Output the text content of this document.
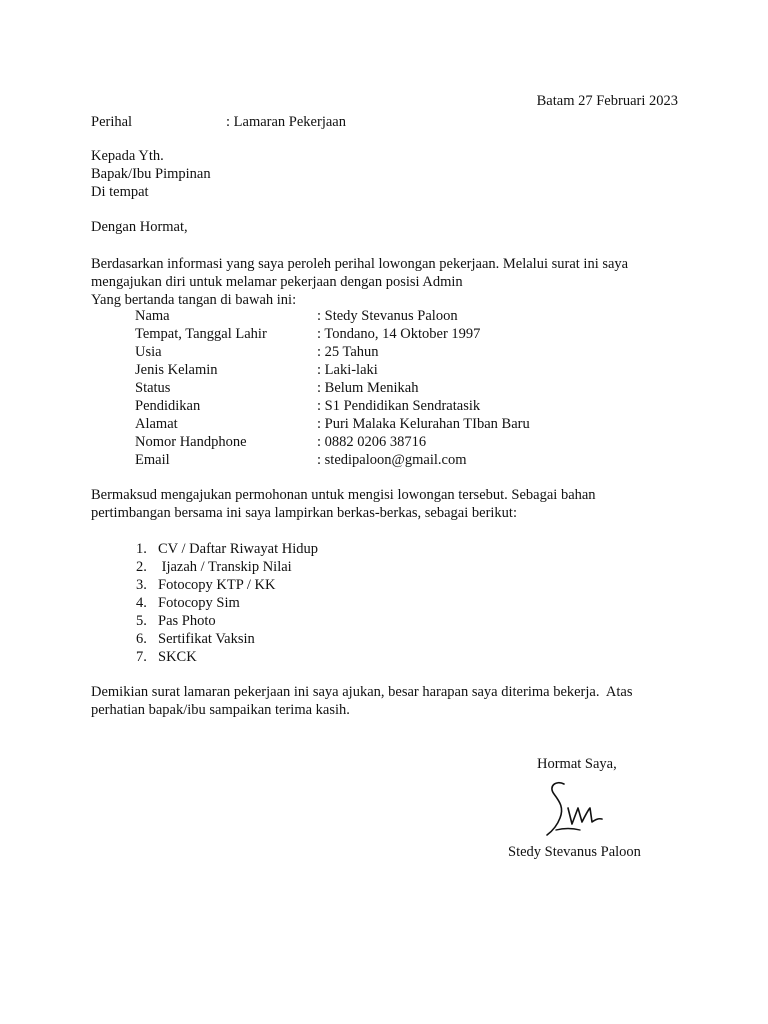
Batam 27 Februari 2023
Perihal	: Lamaran Pekerjaan
Kepada Yth.
Bapak/Ibu Pimpinan
Di tempat
Dengan Hormat,
Berdasarkan informasi yang saya peroleh perihal lowongan pekerjaan. Melalui surat ini saya
mengajukan diri untuk melamar pekerjaan dengan posisi Admin
Yang bertanda tangan di bawah ini:
Nama	: Stedy Stevanus Paloon
Tempat, Tanggal Lahir	: Tondano, 14 Oktober 1997
Usia	: 25 Tahun
Jenis Kelamin	: Laki-laki
Status	: Belum Menikah
Pendidikan	: S1 Pendidikan Sendratasik
Alamat	: Puri Malaka Kelurahan TIban Baru
Nomor Handphone	: 0882 0206 38716
Email	: stedipaloon@gmail.com
Bermaksud mengajukan permohonan untuk mengisi lowongan tersebut. Sebagai bahan
pertimbangan bersama ini saya lampirkan berkas-berkas, sebagai berikut:
1. CV / Daftar Riwayat Hidup
2. Ijazah / Transkip Nilai
3. Fotocopy KTP / KK
4. Fotocopy Sim
5. Pas Photo
6. Sertifikat Vaksin
7. SKCK
Demikian surat lamaran pekerjaan ini saya ajukan, besar harapan saya diterima bekerja.  Atas
perhatian bapak/ibu sampaikan terima kasih.
Hormat Saya,
Stedy Stevanus Paloon
